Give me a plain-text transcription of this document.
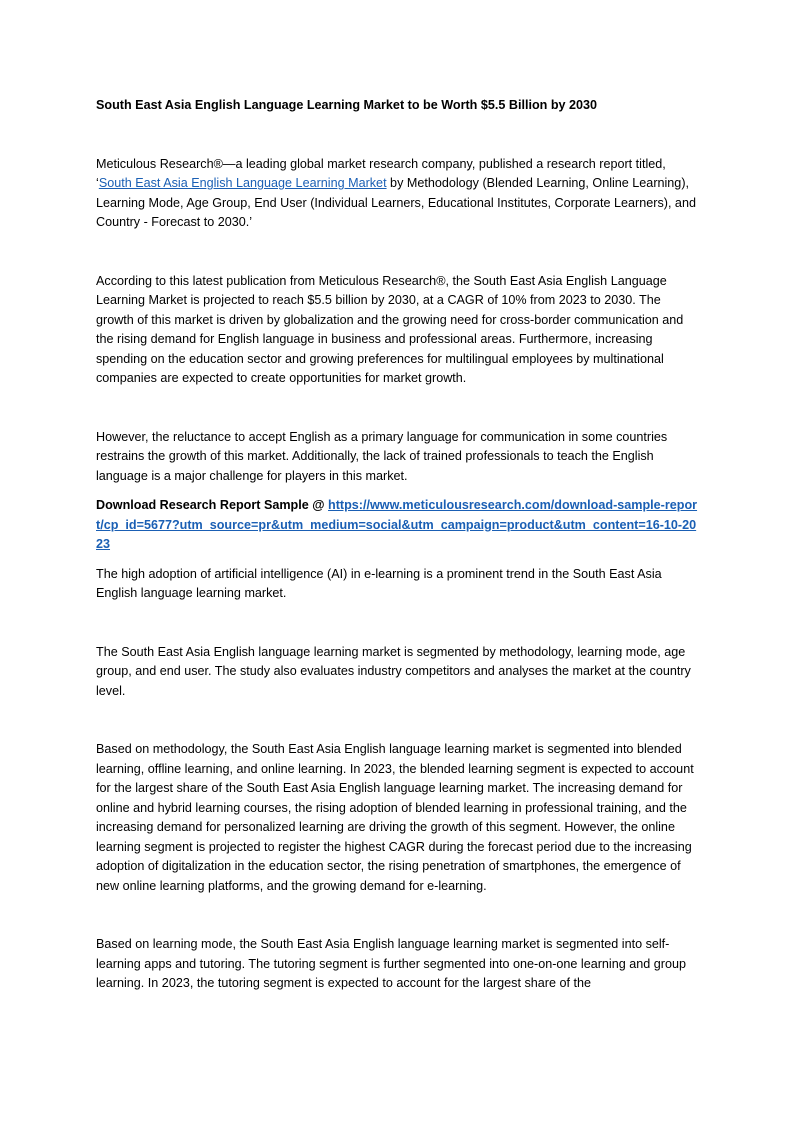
South East Asia English Language Learning Market to be Worth $5.5 Billion by 2030

Meticulous Research®—a leading global market research company, published a research report titled, ‘South East Asia English Language Learning Market by Methodology (Blended Learning, Online Learning), Learning Mode, Age Group, End User (Individual Learners, Educational Institutes, Corporate Learners), and Country - Forecast to 2030.’

According to this latest publication from Meticulous Research®, the South East Asia English Language Learning Market is projected to reach $5.5 billion by 2030, at a CAGR of 10% from 2023 to 2030. The growth of this market is driven by globalization and the growing need for cross-border communication and the rising demand for English language in business and professional areas. Furthermore, increasing spending on the education sector and growing preferences for multilingual employees by multinational companies are expected to create opportunities for market growth.

However, the reluctance to accept English as a primary language for communication in some countries restrains the growth of this market. Additionally, the lack of trained professionals to teach the English language is a major challenge for players in this market.

Download Research Report Sample @ https://www.meticulousresearch.com/download-sample-report/cp_id=5677?utm_source=pr&utm_medium=social&utm_campaign=product&utm_content=16-10-2023

The high adoption of artificial intelligence (AI) in e-learning is a prominent trend in the South East Asia English language learning market.

The South East Asia English language learning market is segmented by methodology, learning mode, age group, and end user. The study also evaluates industry competitors and analyses the market at the country level.

Based on methodology, the South East Asia English language learning market is segmented into blended learning, offline learning, and online learning. In 2023, the blended learning segment is expected to account for the largest share of the South East Asia English language learning market. The increasing demand for online and hybrid learning courses, the rising adoption of blended learning in professional training, and the increasing demand for personalized learning are driving the growth of this segment. However, the online learning segment is projected to register the highest CAGR during the forecast period due to the increasing adoption of digitalization in the education sector, the rising penetration of smartphones, the emergence of new online learning platforms, and the growing demand for e-learning.

Based on learning mode, the South East Asia English language learning market is segmented into self-learning apps and tutoring. The tutoring segment is further segmented into one-on-one learning and group learning. In 2023, the tutoring segment is expected to account for the largest share of the
